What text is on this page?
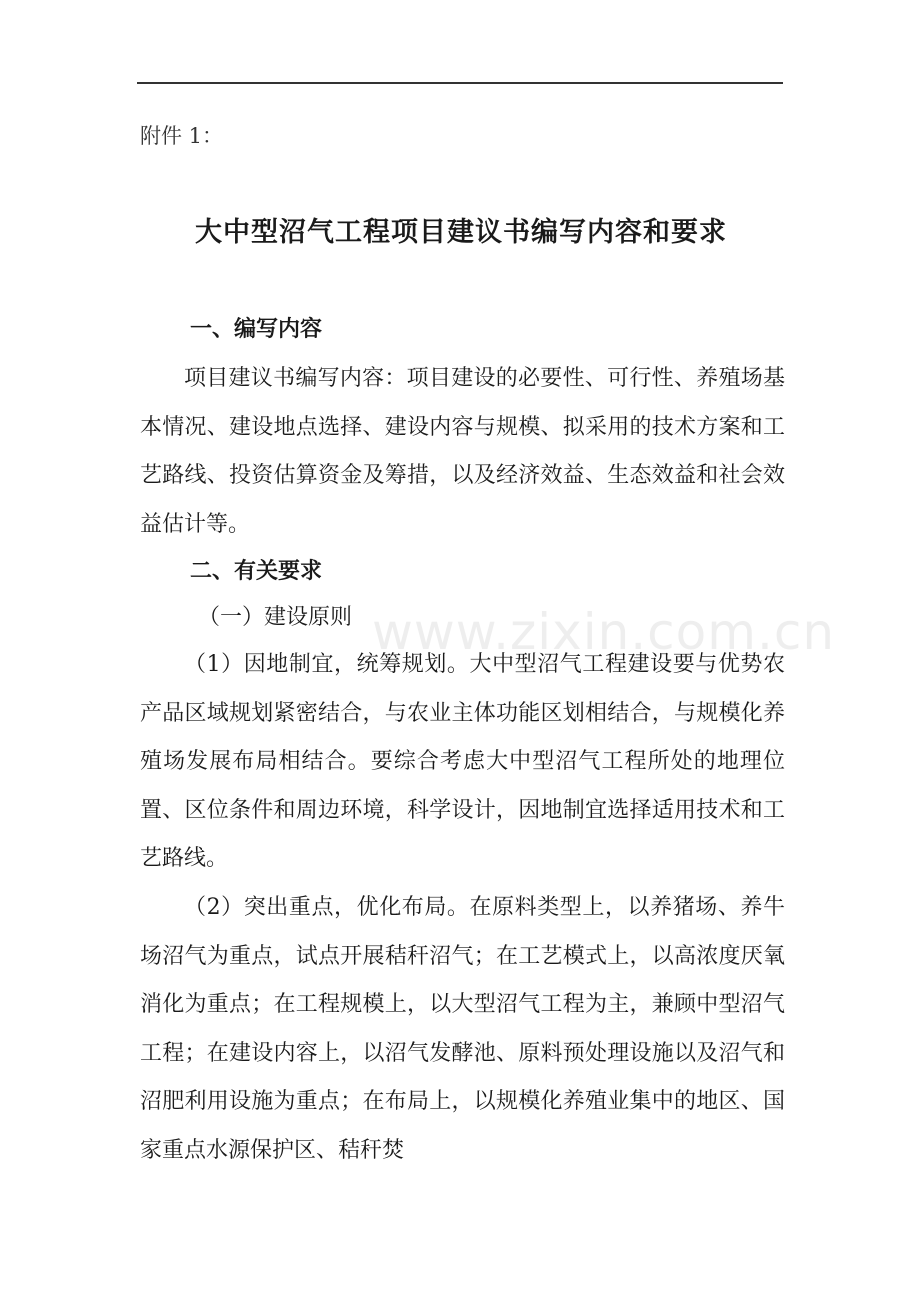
附件 1：
大中型沼气工程项目建议书编写内容和要求
一、编写内容
项目建议书编写内容：项目建设的必要性、可行性、养殖场基本情况、建设地点选择、建设内容与规模、拟采用的技术方案和工艺路线、投资估算资金及筹措，以及经济效益、生态效益和社会效益估计等。
二、有关要求
（一）建设原则
（1）因地制宜，统筹规划。大中型沼气工程建设要与优势农产品区域规划紧密结合，与农业主体功能区划相结合，与规模化养殖场发展布局相结合。要综合考虑大中型沼气工程所处的地理位置、区位条件和周边环境，科学设计，因地制宜选择适用技术和工艺路线。
（2）突出重点，优化布局。在原料类型上，以养猪场、养牛场沼气为重点，试点开展秸秆沼气；在工艺模式上，以高浓度厌氧消化为重点；在工程规模上，以大型沼气工程为主，兼顾中型沼气工程；在建设内容上，以沼气发酵池、原料预处理设施以及沼气和沼肥利用设施为重点；在布局上，以规模化养殖业集中的地区、国家重点水源保护区、秸秆焚
www.zixin.com.cn
